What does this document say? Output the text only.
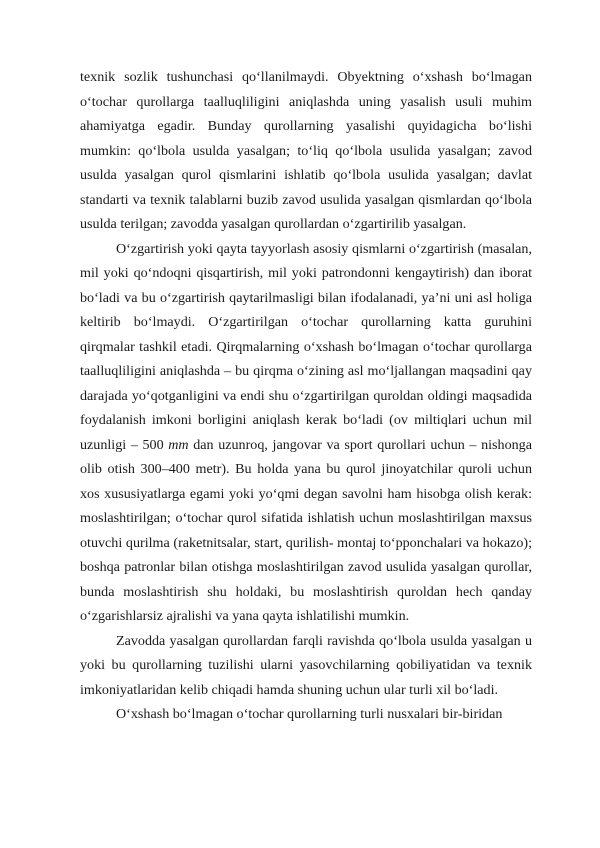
texnik sozlik tushunchasi qo‘llanilmaydi. Obyektning o‘xshash bo‘lmagan o‘tochar qurollarga taalluqliligini aniqlashda uning yasalish usuli muhim ahamiyatga egadir. Bunday qurollarning yasalishi quyidagicha bo‘lishi mumkin: qo‘lbola usulda yasalgan; to‘liq qo‘lbola usulida yasalgan; zavod usulda yasalgan qurol qismlarini ishlatib qo‘lbola usulida yasalgan; davlat standarti va texnik talablarni buzib zavod usulida yasalgan qismlardan qo‘lbola usulda terilgan; zavodda yasalgan qurollardan o‘zgartirilib yasalgan.

O‘zgartirish yoki qayta tayyorlash asosiy qismlarni o‘zgartirish (masalan, mil yoki qo‘ndoqni qisqartirish, mil yoki patrondonni kengaytirish) dan iborat bo‘ladi va bu o‘zgartirish qaytarilmasligi bilan ifodalanadi, ya’ni uni asl holiga keltirib bo‘lmaydi. O‘zgartirilgan o‘tochar qurollarning katta guruhini qirqmalar tashkil etadi. Qirqmalarning o‘xshash bo‘lmagan o‘tochar qurollarga taalluqliligini aniqlashda – bu qirqma o‘zining asl mo‘ljallangan maqsadini qay darajada yo‘qotganligini va endi shu o‘zgartirilgan quroldan oldingi maqsadida foydalanish imkoni borligini aniqlash kerak bo‘ladi (ov miltiqlari uchun mil uzunligi – 500 mm dan uzunroq, jangovar va sport qurollari uchun – nishonga olib otish 300–400 metr). Bu holda yana bu qurol jinoyatchilar quroli uchun xos xususiyatlarga egami yoki yo‘qmi degan savolni ham hisobga olish kerak: moslashtirilgan; o‘tochar qurol sifatida ishlatish uchun moslashtirilgan maxsus otuvchi qurilma (raketnitsalar, start, qurilish- montaj to‘pponchalari va hokazo); boshqa patronlar bilan otishga moslashtirilgan zavod usulida yasalgan qurollar, bunda moslashtirish shu holdaki, bu moslashtirish quroldan hech qanday o‘zgarishlarsiz ajralishi va yana qayta ishlatilishi mumkin.

Zavodda yasalgan qurollardan farqli ravishda qo‘lbola usulda yasalgan u yoki bu qurollarning tuzilishi ularni yasovchilarning qobiliyatidan va texnik imkoniyatlaridan kelib chiqadi hamda shuning uchun ular turli xil bo‘ladi.

O‘xshash bo‘lmagan o‘tochar qurollarning turli nusxalari bir-biridan
